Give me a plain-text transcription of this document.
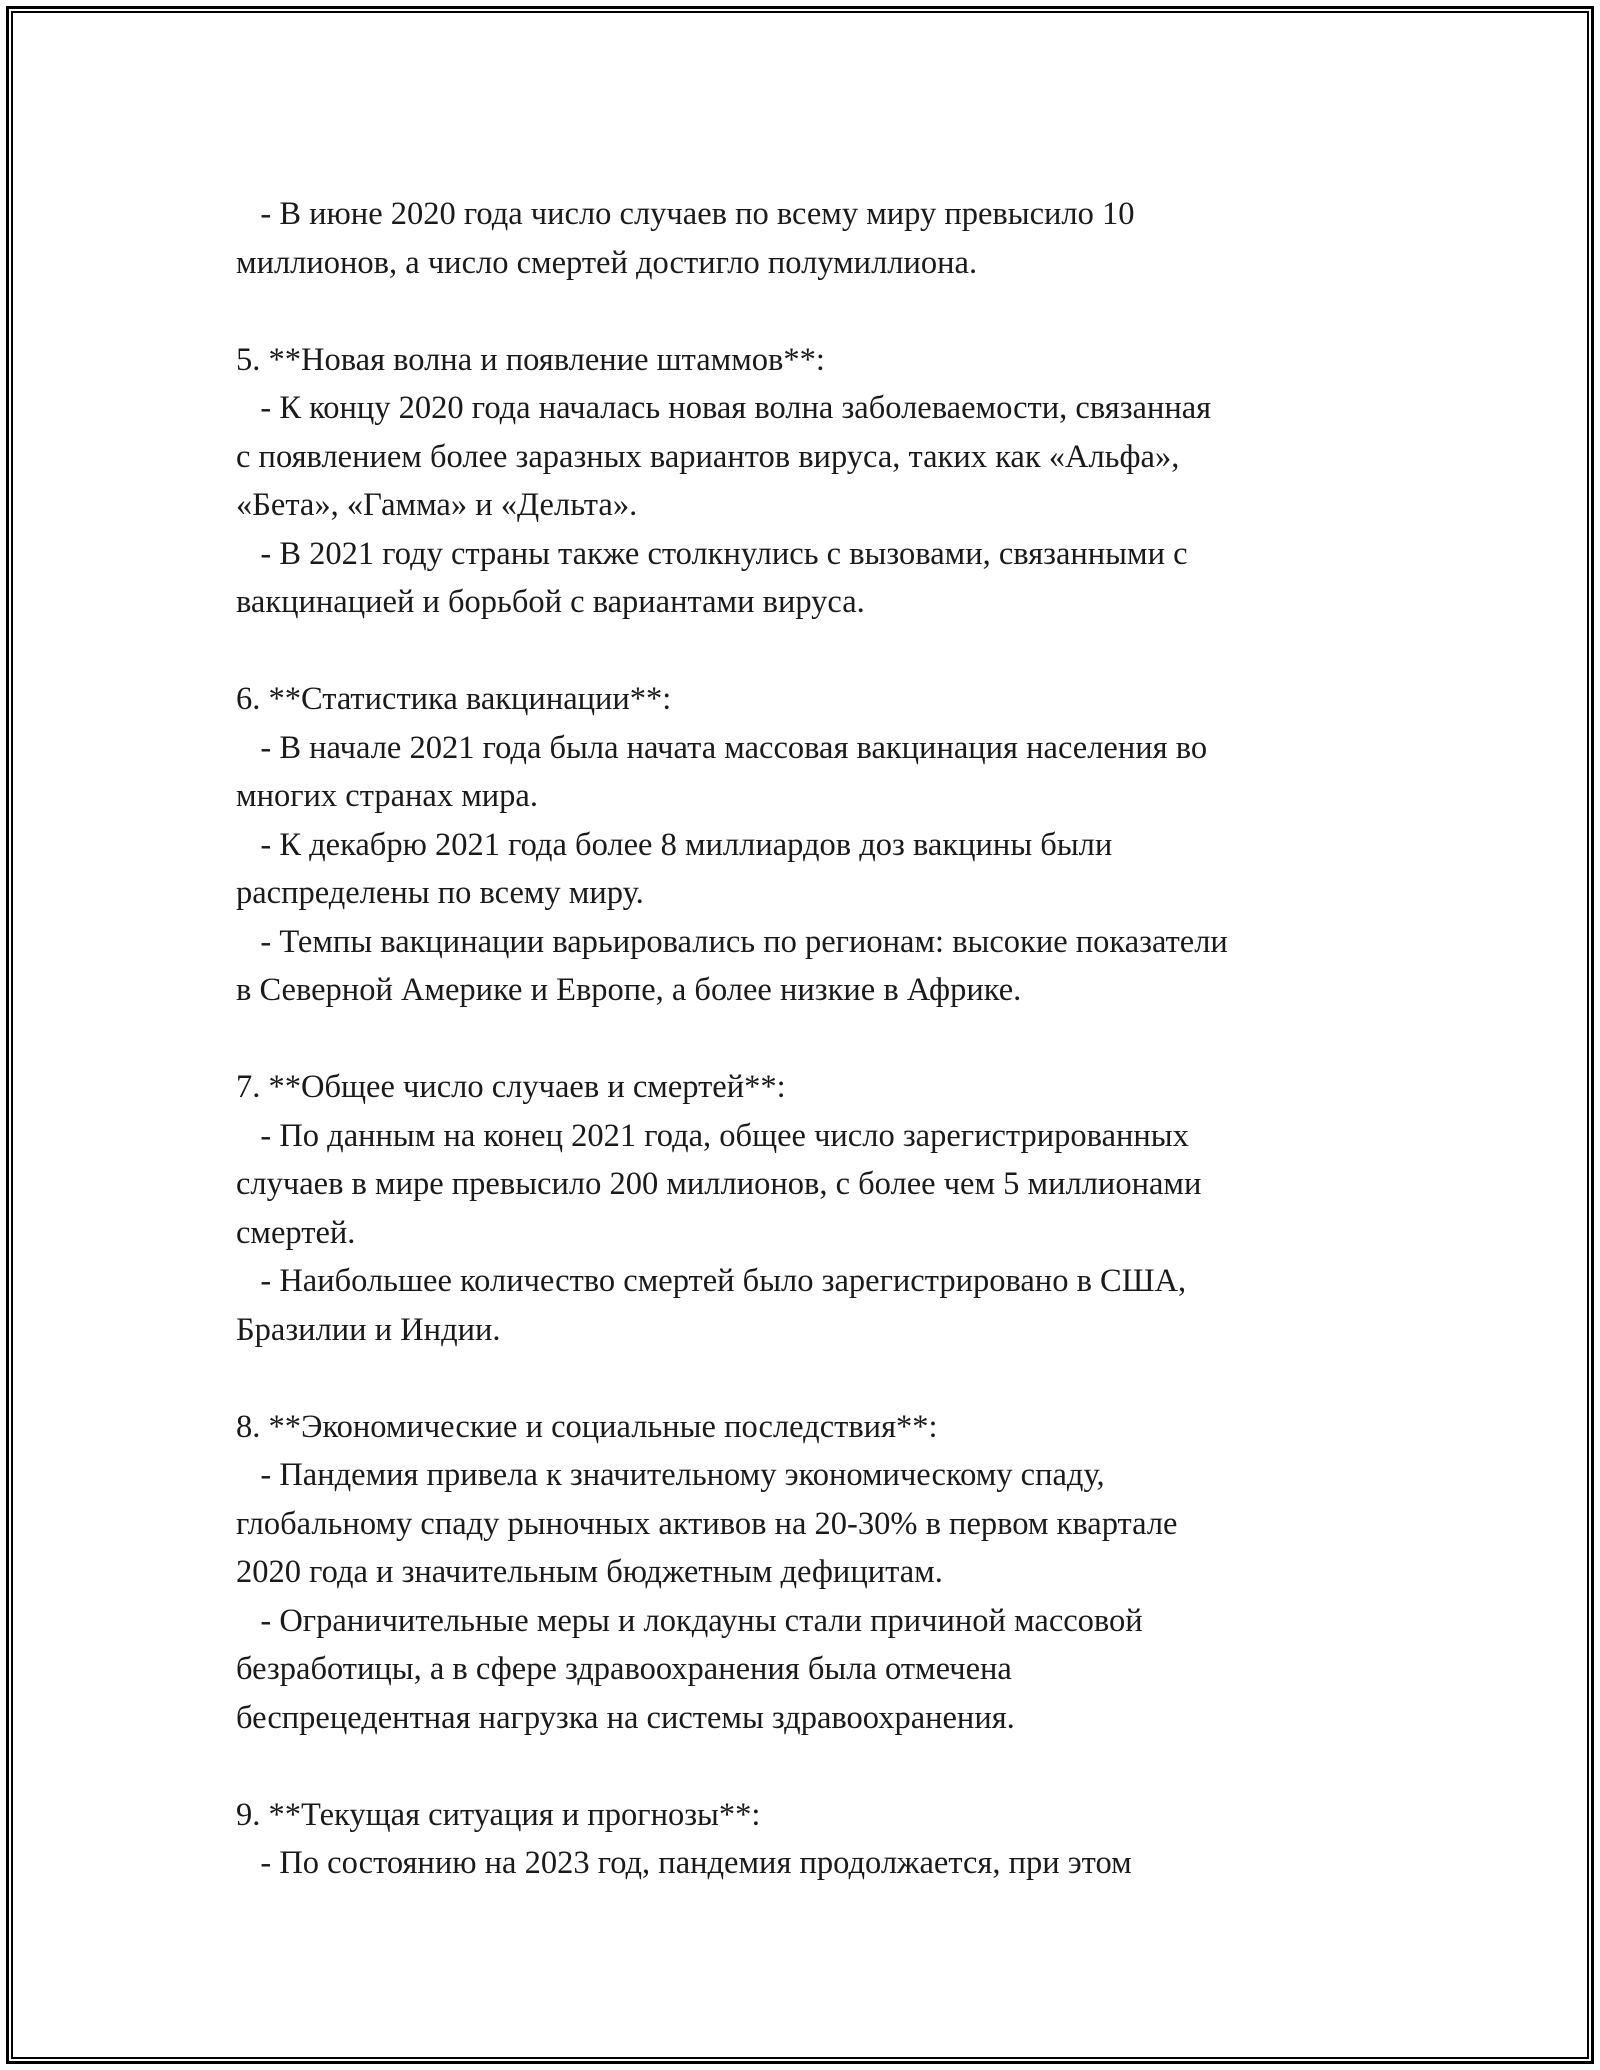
- В июне 2020 года число случаев по всему миру превысило 10
миллионов, а число смертей достигло полумиллиона.
5. **Новая волна и появление штаммов**:
- К концу 2020 года началась новая волна заболеваемости, связанная
с появлением более заразных вариантов вируса, таких как «Альфа»,
«Бета», «Гамма» и «Дельта».
- В 2021 году страны также столкнулись с вызовами, связанными с
вакцинацией и борьбой с вариантами вируса.
6. **Статистика вакцинации**:
- В начале 2021 года была начата массовая вакцинация населения во
многих странах мира.
- К декабрю 2021 года более 8 миллиардов доз вакцины были
распределены по всему миру.
- Темпы вакцинации варьировались по регионам: высокие показатели
в Северной Америке и Европе, а более низкие в Африке.
7. **Общее число случаев и смертей**:
- По данным на конец 2021 года, общее число зарегистрированных
случаев в мире превысило 200 миллионов, с более чем 5 миллионами
смертей.
- Наибольшее количество смертей было зарегистрировано в США,
Бразилии и Индии.
8. **Экономические и социальные последствия**:
- Пандемия привела к значительному экономическому спаду,
глобальному спаду рыночных активов на 20-30% в первом квартале
2020 года и значительным бюджетным дефицитам.
- Ограничительные меры и локдауны стали причиной массовой
безработицы, а в сфере здравоохранения была отмечена
беспрецедентная нагрузка на системы здравоохранения.
9. **Текущая ситуация и прогнозы**:
- По состоянию на 2023 год, пандемия продолжается, при этом
